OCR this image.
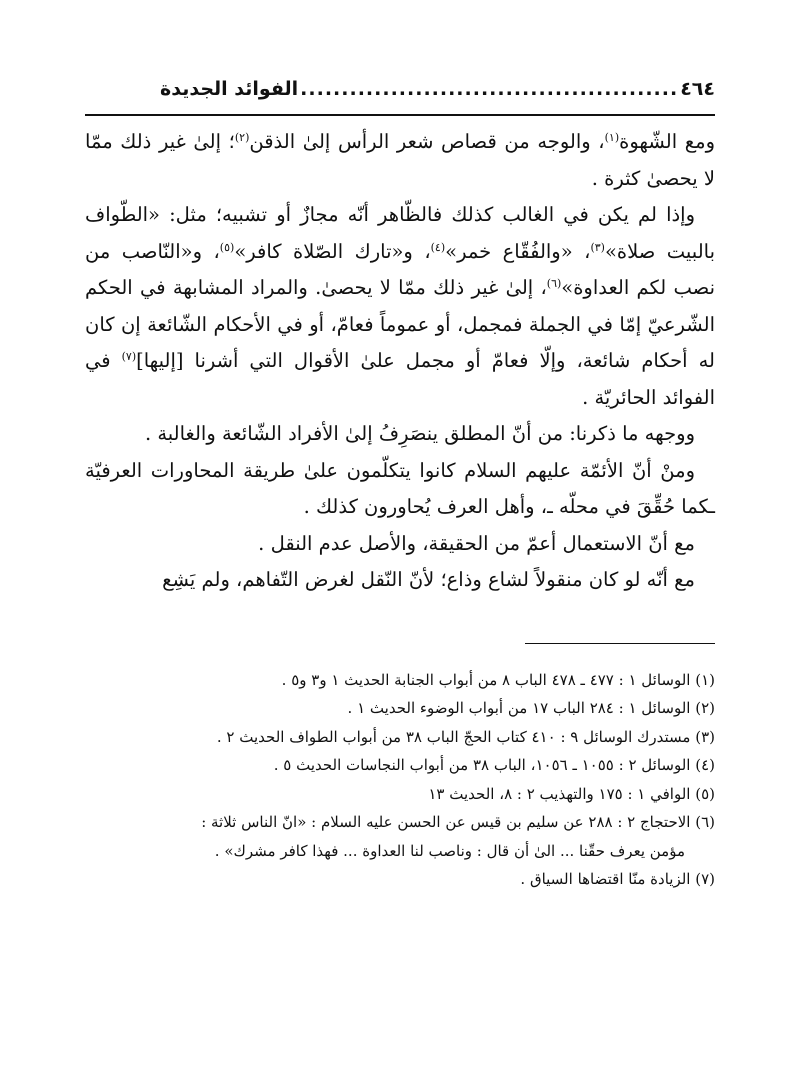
٤٦٤
..............................................
الفوائد الجديدة

ومع الشّهوة$^{(١)}$، والوجه من قصاص شعر الرأس إلىٰ الذقن$^{(٢)}$؛ إلىٰ غير ذلك ممّا لا يحصىٰ كثرة .

وإذا لم يكن في الغالب كذلك فالظّاهر أنّه مجازٌ أو تشبيه؛ مثل: «الطّواف بالبيت صلاة»$^{(٣)}$، «والفُقّاع خمر»$^{(٤)}$، و«تارك الصّلاة كافر»$^{(٥)}$، و«النّاصب من نصب لكم العداوة»$^{(٦)}$، إلىٰ غير ذلك ممّا لا يحصىٰ. والمراد المشابهة في الحكم الشّرعيّ إمّا في الجملة فمجمل، أو عموماً فعامّ، أو في الأحكام الشّائعة إن كان له أحكام شائعة، وإلّا فعامّ أو مجمل علىٰ الأقوال التي أشرنا [إليها]$^{(٧)}$ في الفوائد الحائريّة .

ووجهه ما ذكرنا: من أنّ المطلق ينصَرِفُ إلىٰ الأفراد الشّائعة والغالبة .

ومنْ أنّ الأئمّة عليهم السلام كانوا يتكلّمون علىٰ طريقة المحاورات العرفيّة ـكما حُقِّقَ في محلّه ـ، وأهل العرف يُحاورون كذلك .

مع أنّ الاستعمال أعمّ من الحقيقة، والأصل عدم النقل .

مع أنّه لو كان منقولاً لشاع وذاع؛ لأنّ النّقل لغرض التّفاهم، ولم يَشِع

(١) الوسائل ١ : ٤٧٧ ـ ٤٧٨ الباب ٨ من أبواب الجنابة الحديث ١ و٣ و٥ .

(٢) الوسائل ١ : ٢٨٤ الباب ١٧ من أبواب الوضوء الحديث ١ .

(٣) مستدرك الوسائل ٩ : ٤١٠ كتاب الحجّ الباب ٣٨ من أبواب الطواف الحديث ٢ .

(٤) الوسائل ٢ : ١٠٥٥ ـ ١٠٥٦، الباب ٣٨ من أبواب النجاسات الحديث ٥ .

(٥) الوافي ١ : ١٧٥ والتهذيب ٢ : ٨، الحديث ١٣

(٦) الاحتجاج ٢ : ٢٨٨ عن سليم بن قيس عن الحسن عليه السلام : «انّ الناس ثلاثة :
مؤمن يعرف حقّنا ... الىٰ أن قال : وناصب لنا العداوة ... فهذا كافر مشرك» .

(٧) الزيادة منّا اقتضاها السياق .
